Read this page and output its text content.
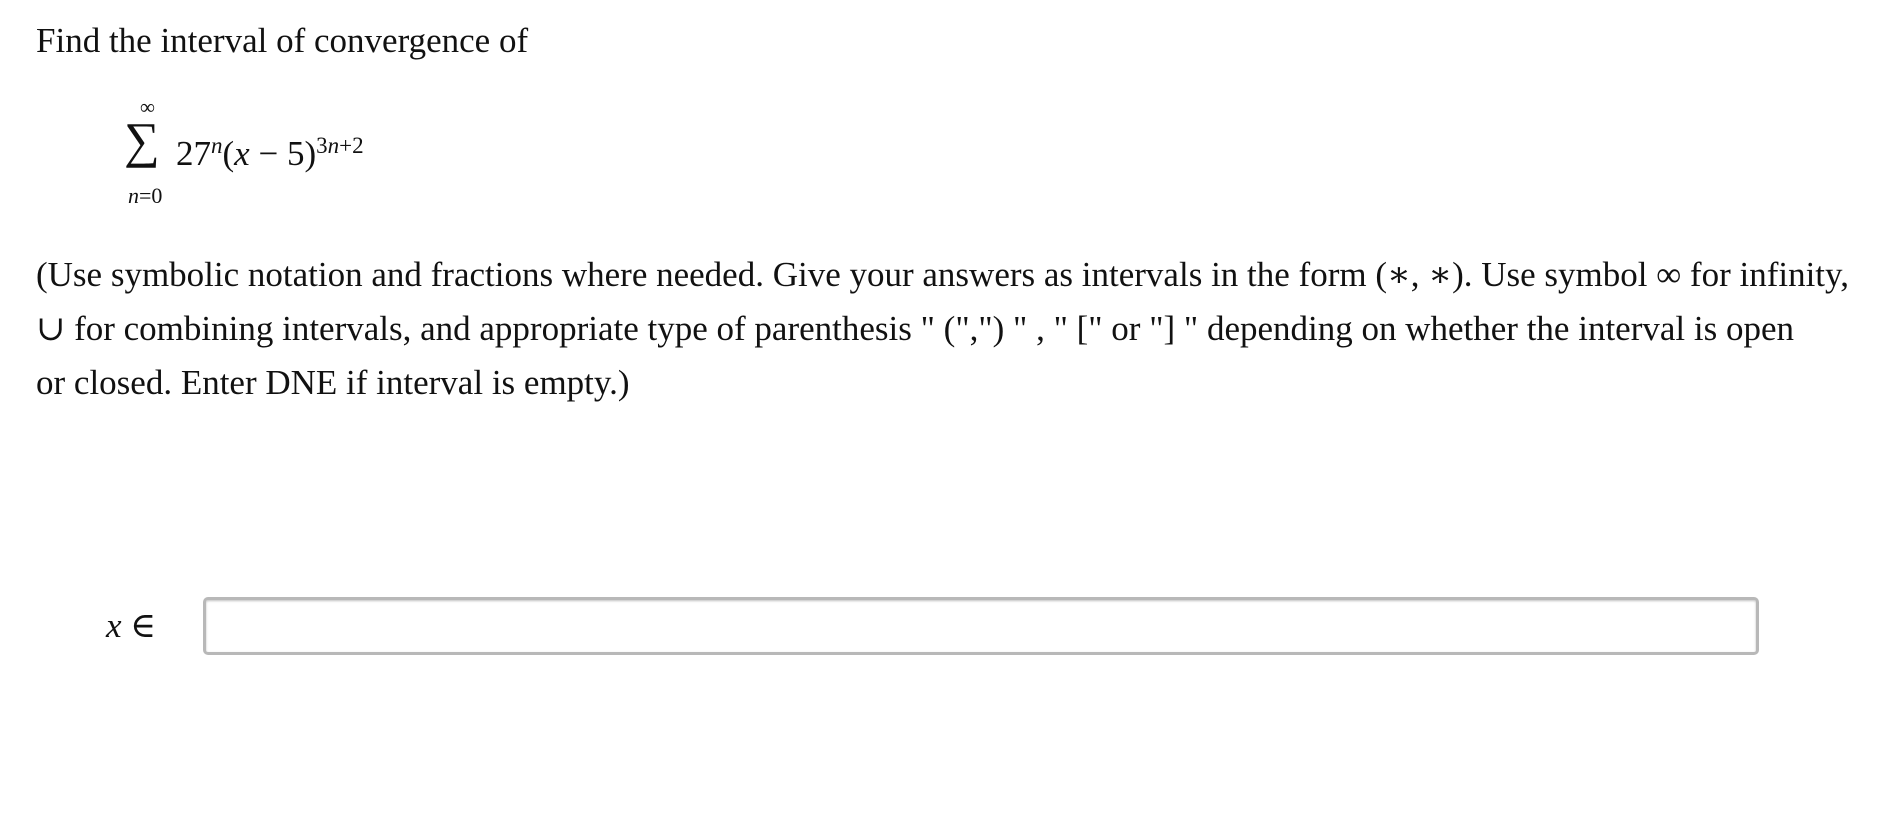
Find the interval of convergence of

∞
∑
n=0
$27^n(x - 5)^{3n+2}$
(Use symbolic notation and fractions where needed. Give your answers as intervals in the form (∗, ∗). Use symbol ∞ for infinity,
∪ for combining intervals, and appropriate type of parenthesis " (",") " , " [" or "] " depending on whether the interval is open
or closed. Enter DNE if interval is empty.)
x ∈
